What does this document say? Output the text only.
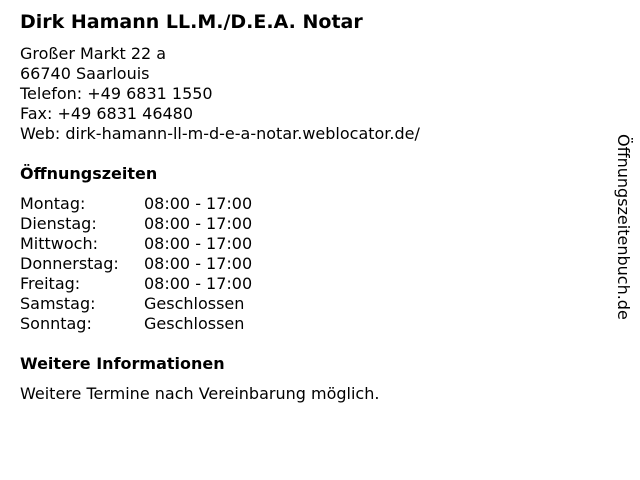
Dirk Hamann LL.M./D.E.A. Notar
Großer Markt 22 a
66740 Saarlouis
Telefon: +49 6831 1550
Fax: +49 6831 46480
Web: dirk-hamann-ll-m-d-e-a-notar.weblocator.de/
Öffnungszeiten
Montag:	08:00 - 17:00
Dienstag:	08:00 - 17:00
Mittwoch:	08:00 - 17:00
Donnerstag: 08:00 - 17:00
Freitag:	08:00 - 17:00
Samstag:	Geschlossen
Sonntag:	Geschlossen
Weitere Informationen
Weitere Termine nach Vereinbarung möglich.
Öffnungszeitenbuch.de
